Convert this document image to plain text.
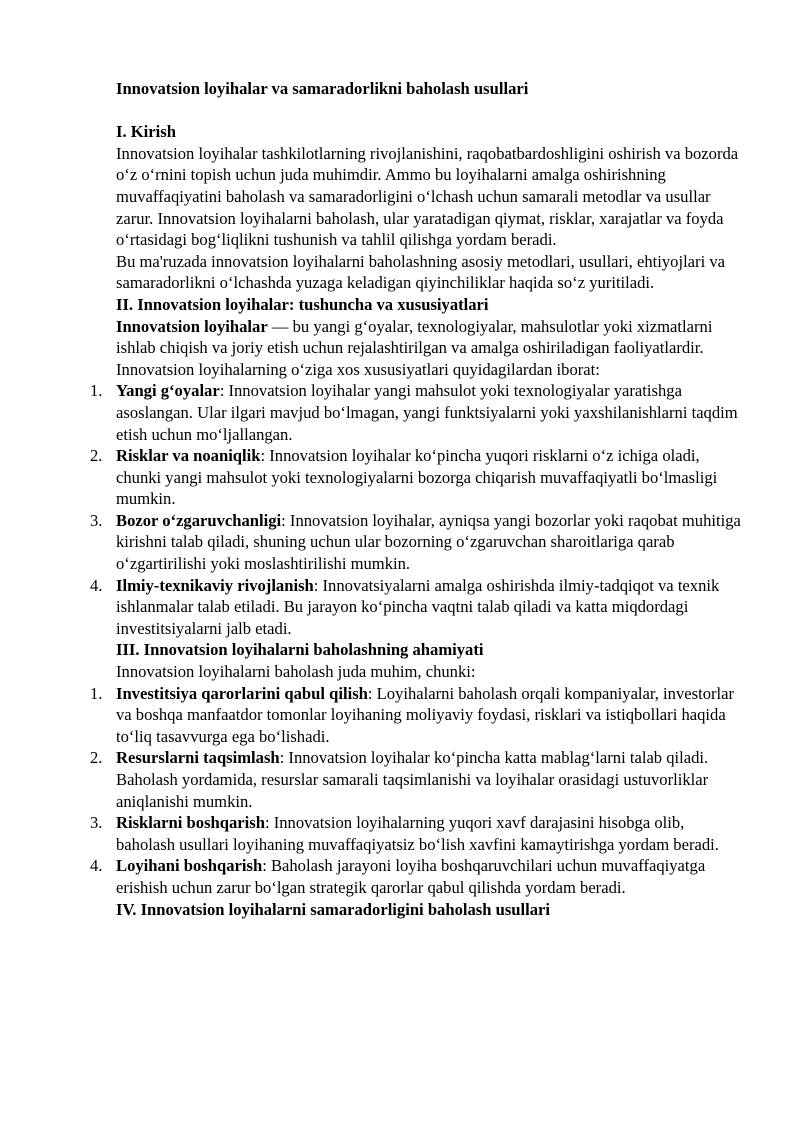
Innovatsion loyihalar va samaradorlikni baholash usullari

I. Kirish

Innovatsion loyihalar tashkilotlarning rivojlanishini, raqobatbardoshligini oshirish va bozorda o‘z o‘rnini topish uchun juda muhimdir. Ammo bu loyihalarni amalga oshirishning muvaffaqiyatini baholash va samaradorligini o‘lchash uchun samarali metodlar va usullar zarur. Innovatsion loyihalarni baholash, ular yaratadigan qiymat, risklar, xarajatlar va foyda o‘rtasidagi bog‘liqlikni tushunish va tahlil qilishga yordam beradi.

Bu ma'ruzada innovatsion loyihalarni baholashning asosiy metodlari, usullari, ehtiyojlari va samaradorlikni o‘lchashda yuzaga keladigan qiyinchiliklar haqida so‘z yuritiladi.

II. Innovatsion loyihalar: tushuncha va xususiyatlari

Innovatsion loyihalar — bu yangi g‘oyalar, texnologiyalar, mahsulotlar yoki xizmatlarni ishlab chiqish va joriy etish uchun rejalashtirilgan va amalga oshiriladigan faoliyatlardir. Innovatsion loyihalarning o‘ziga xos xususiyatlari quyidagilardan iborat:

1. Yangi g‘oyalar: Innovatsion loyihalar yangi mahsulot yoki texnologiyalar yaratishga asoslangan. Ular ilgari mavjud bo‘lmagan, yangi funktsiyalarni yoki yaxshilanishlarni taqdim etish uchun mo‘ljallangan.
2. Risklar va noaniqlik: Innovatsion loyihalar ko‘pincha yuqori risklarni o‘z ichiga oladi, chunki yangi mahsulot yoki texnologiyalarni bozorga chiqarish muvaffaqiyatli bo‘lmasligi mumkin.
3. Bozor o‘zgaruvchanligi: Innovatsion loyihalar, ayniqsa yangi bozorlar yoki raqobat muhitiga kirishni talab qiladi, shuning uchun ular bozorning o‘zgaruvchan sharoitlariga qarab o‘zgartirilishi yoki moslashtirilishi mumkin.
4. Ilmiy-texnikaviy rivojlanish: Innovatsiyalarni amalga oshirishda ilmiy-tadqiqot va texnik ishlanmalar talab etiladi. Bu jarayon ko‘pincha vaqtni talab qiladi va katta miqdordagi investitsiyalarni jalb etadi.

III. Innovatsion loyihalarni baholashning ahamiyati

Innovatsion loyihalarni baholash juda muhim, chunki:

1. Investitsiya qarorlarini qabul qilish: Loyihalarni baholash orqali kompaniyalar, investorlar va boshqa manfaatdor tomonlar loyihaning moliyaviy foydasi, risklari va istiqbollari haqida to‘liq tasavvurga ega bo‘lishadi.
2. Resurslarni taqsimlash: Innovatsion loyihalar ko‘pincha katta mablag‘larni talab qiladi. Baholash yordamida, resurslar samarali taqsimlanishi va loyihalar orasidagi ustuvorliklar aniqlanishi mumkin.
3. Risklarni boshqarish: Innovatsion loyihalarning yuqori xavf darajasini hisobga olib, baholash usullari loyihaning muvaffaqiyatsiz bo‘lish xavfini kamaytirishga yordam beradi.
4. Loyihani boshqarish: Baholash jarayoni loyiha boshqaruvchilari uchun muvaffaqiyatga erishish uchun zarur bo‘lgan strategik qarorlar qabul qilishda yordam beradi.

IV. Innovatsion loyihalarni samaradorligini baholash usullari
